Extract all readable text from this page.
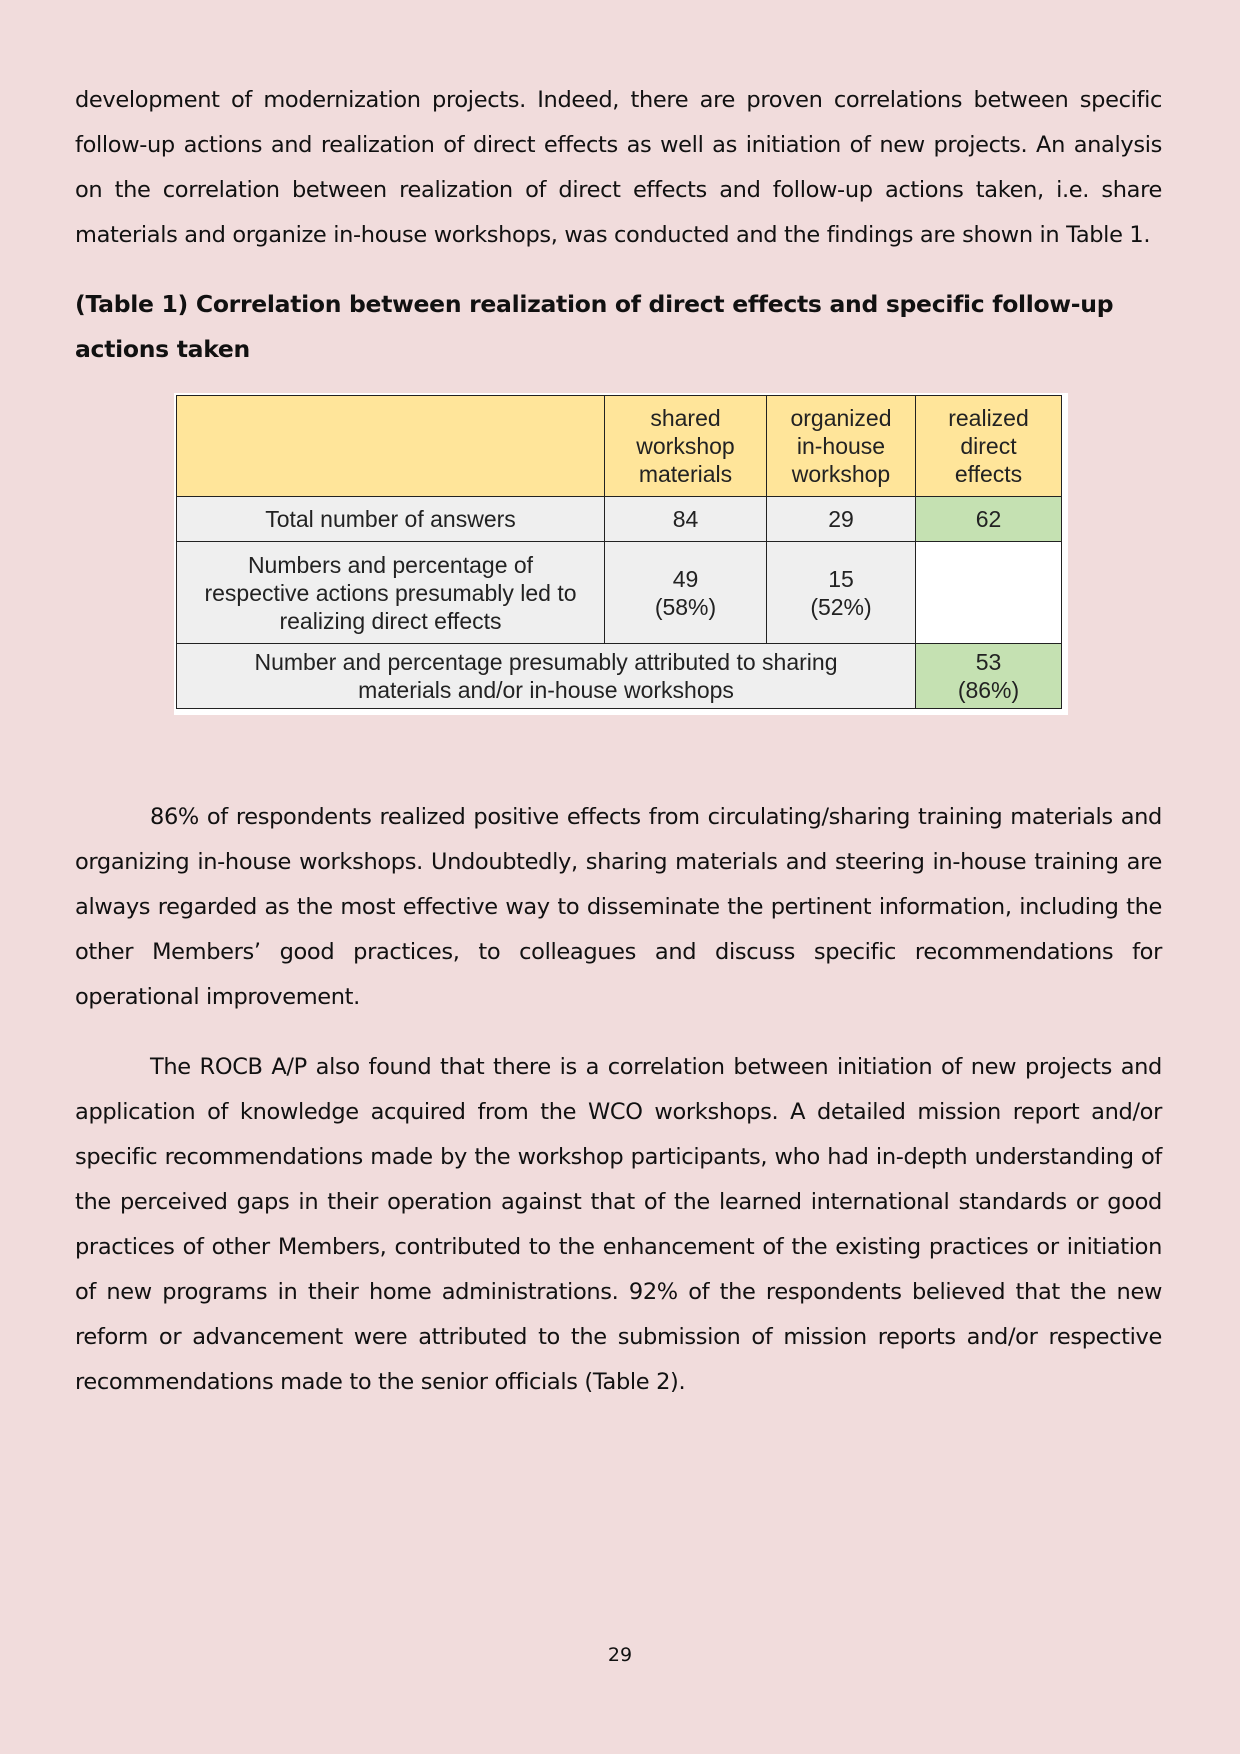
development of modernization projects. Indeed, there are proven correlations between specific follow-up actions and realization of direct effects as well as initiation of new projects. An analysis on the correlation between realization of direct effects and follow-up actions taken, i.e. share materials and organize in-house workshops, was conducted and the findings are shown in Table 1.

(Table 1) Correlation between realization of direct effects and specific follow-up actions taken

	shared
workshop
materials	organized
in-house
workshop	realized
direct
effects

Total number of answers	84	29	62

Numbers and percentage of
respective actions presumably led to
realizing direct effects	49
(58%)	15
(52%)	

Number and percentage presumably attributed to sharing
materials and/or in-house workshops			53
(86%)

86% of respondents realized positive effects from circulating/sharing training materials and organizing in-house workshops. Undoubtedly, sharing materials and steering in-house training are always regarded as the most effective way to disseminate the pertinent information, including the other Members’ good practices, to colleagues and discuss specific recommendations for operational improvement.

The ROCB A/P also found that there is a correlation between initiation of new projects and application of knowledge acquired from the WCO workshops. A detailed mission report and/or specific recommendations made by the workshop participants, who had in-depth understanding of the perceived gaps in their operation against that of the learned international standards or good practices of other Members, contributed to the enhancement of the existing practices or initiation of new programs in their home administrations. 92% of the respondents believed that the new reform or advancement were attributed to the submission of mission reports and/or respective recommendations made to the senior officials (Table 2).

29
